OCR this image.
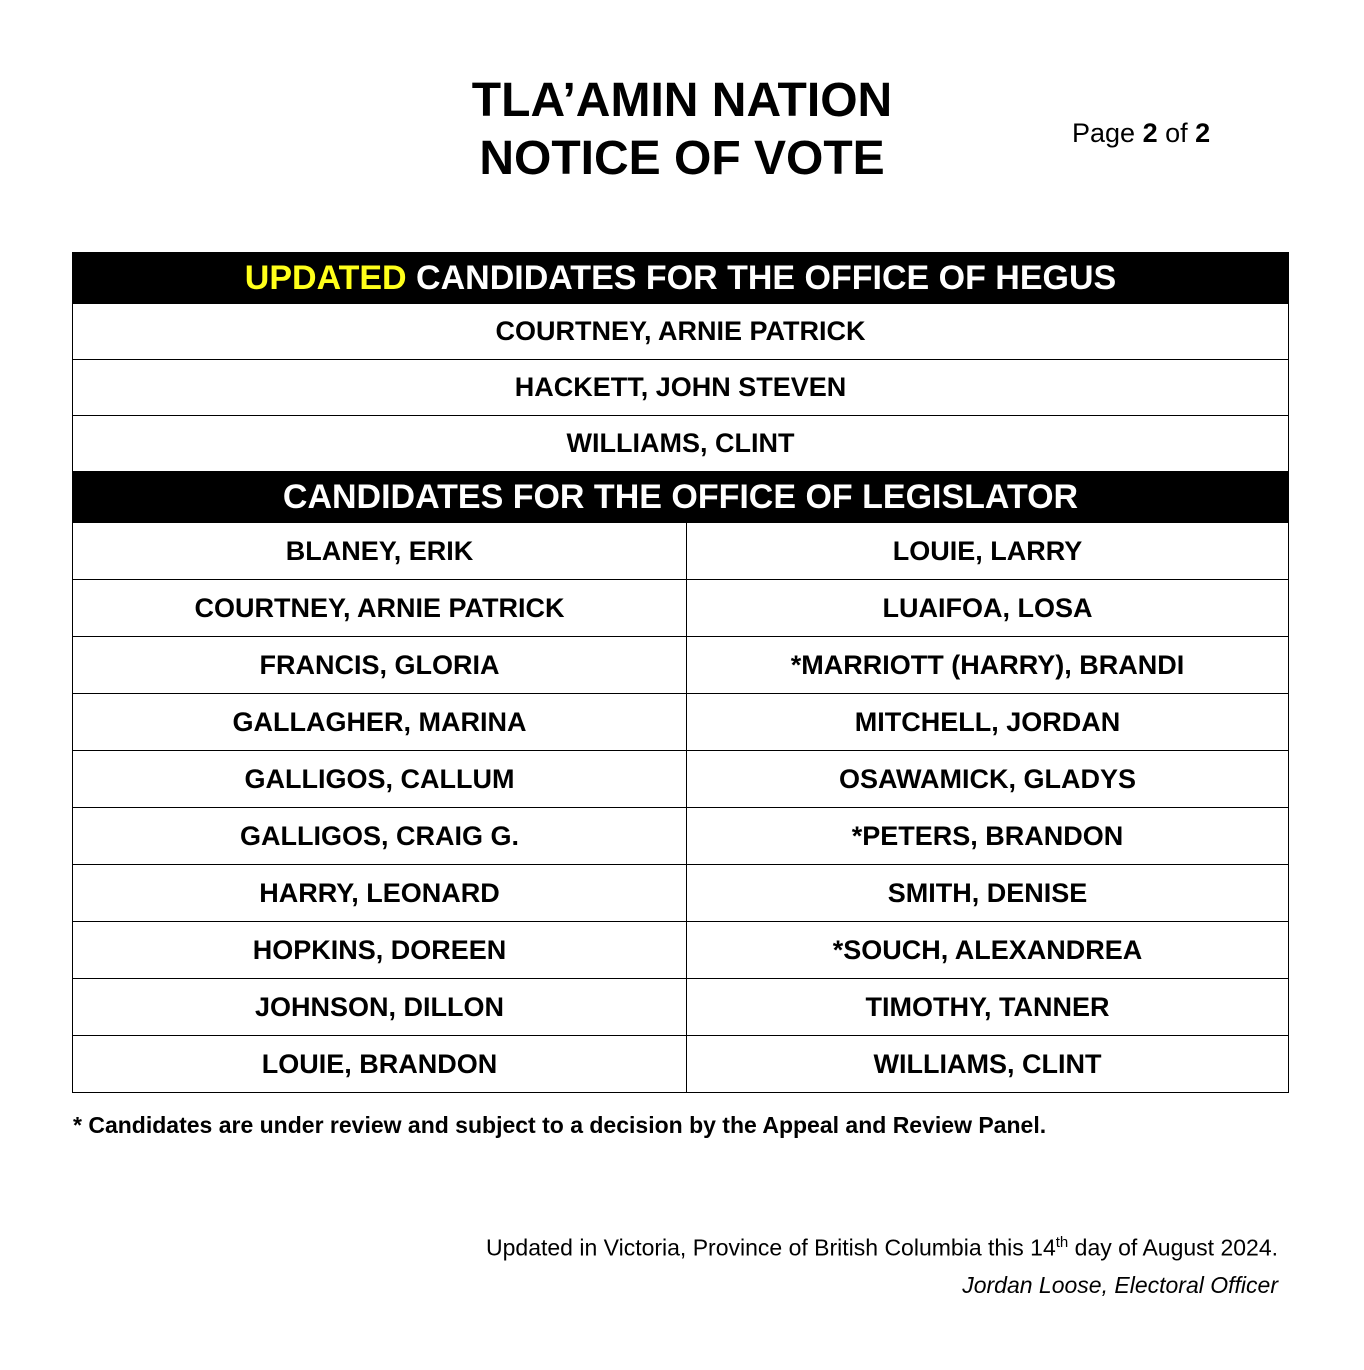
TLA’AMIN NATION
NOTICE OF VOTE	Page 2 of 2
UPDATED CANDIDATES FOR THE OFFICE OF HEGUS	
COURTNEY, ARNIE PATRICK	
HACKETT, JOHN STEVEN	
WILLIAMS, CLINT	
CANDIDATES FOR THE OFFICE OF LEGISLATOR	
BLANEY, ERIK	LOUIE, LARRY
COURTNEY, ARNIE PATRICK	LUAIFOA, LOSA
FRANCIS, GLORIA	*MARRIOTT (HARRY), BRANDI
GALLAGHER, MARINA	MITCHELL, JORDAN
GALLIGOS, CALLUM	OSAWAMICK, GLADYS
GALLIGOS, CRAIG G.	*PETERS, BRANDON
HARRY, LEONARD	SMITH, DENISE
HOPKINS, DOREEN	*SOUCH, ALEXANDREA
JOHNSON, DILLON	TIMOTHY, TANNER
LOUIE, BRANDON	WILLIAMS, CLINT
* Candidates are under review and subject to a decision by the Appeal and Review Panel.
Updated in Victoria, Province of British Columbia this 14th day of August 2024.
Jordan Loose, Electoral Officer
